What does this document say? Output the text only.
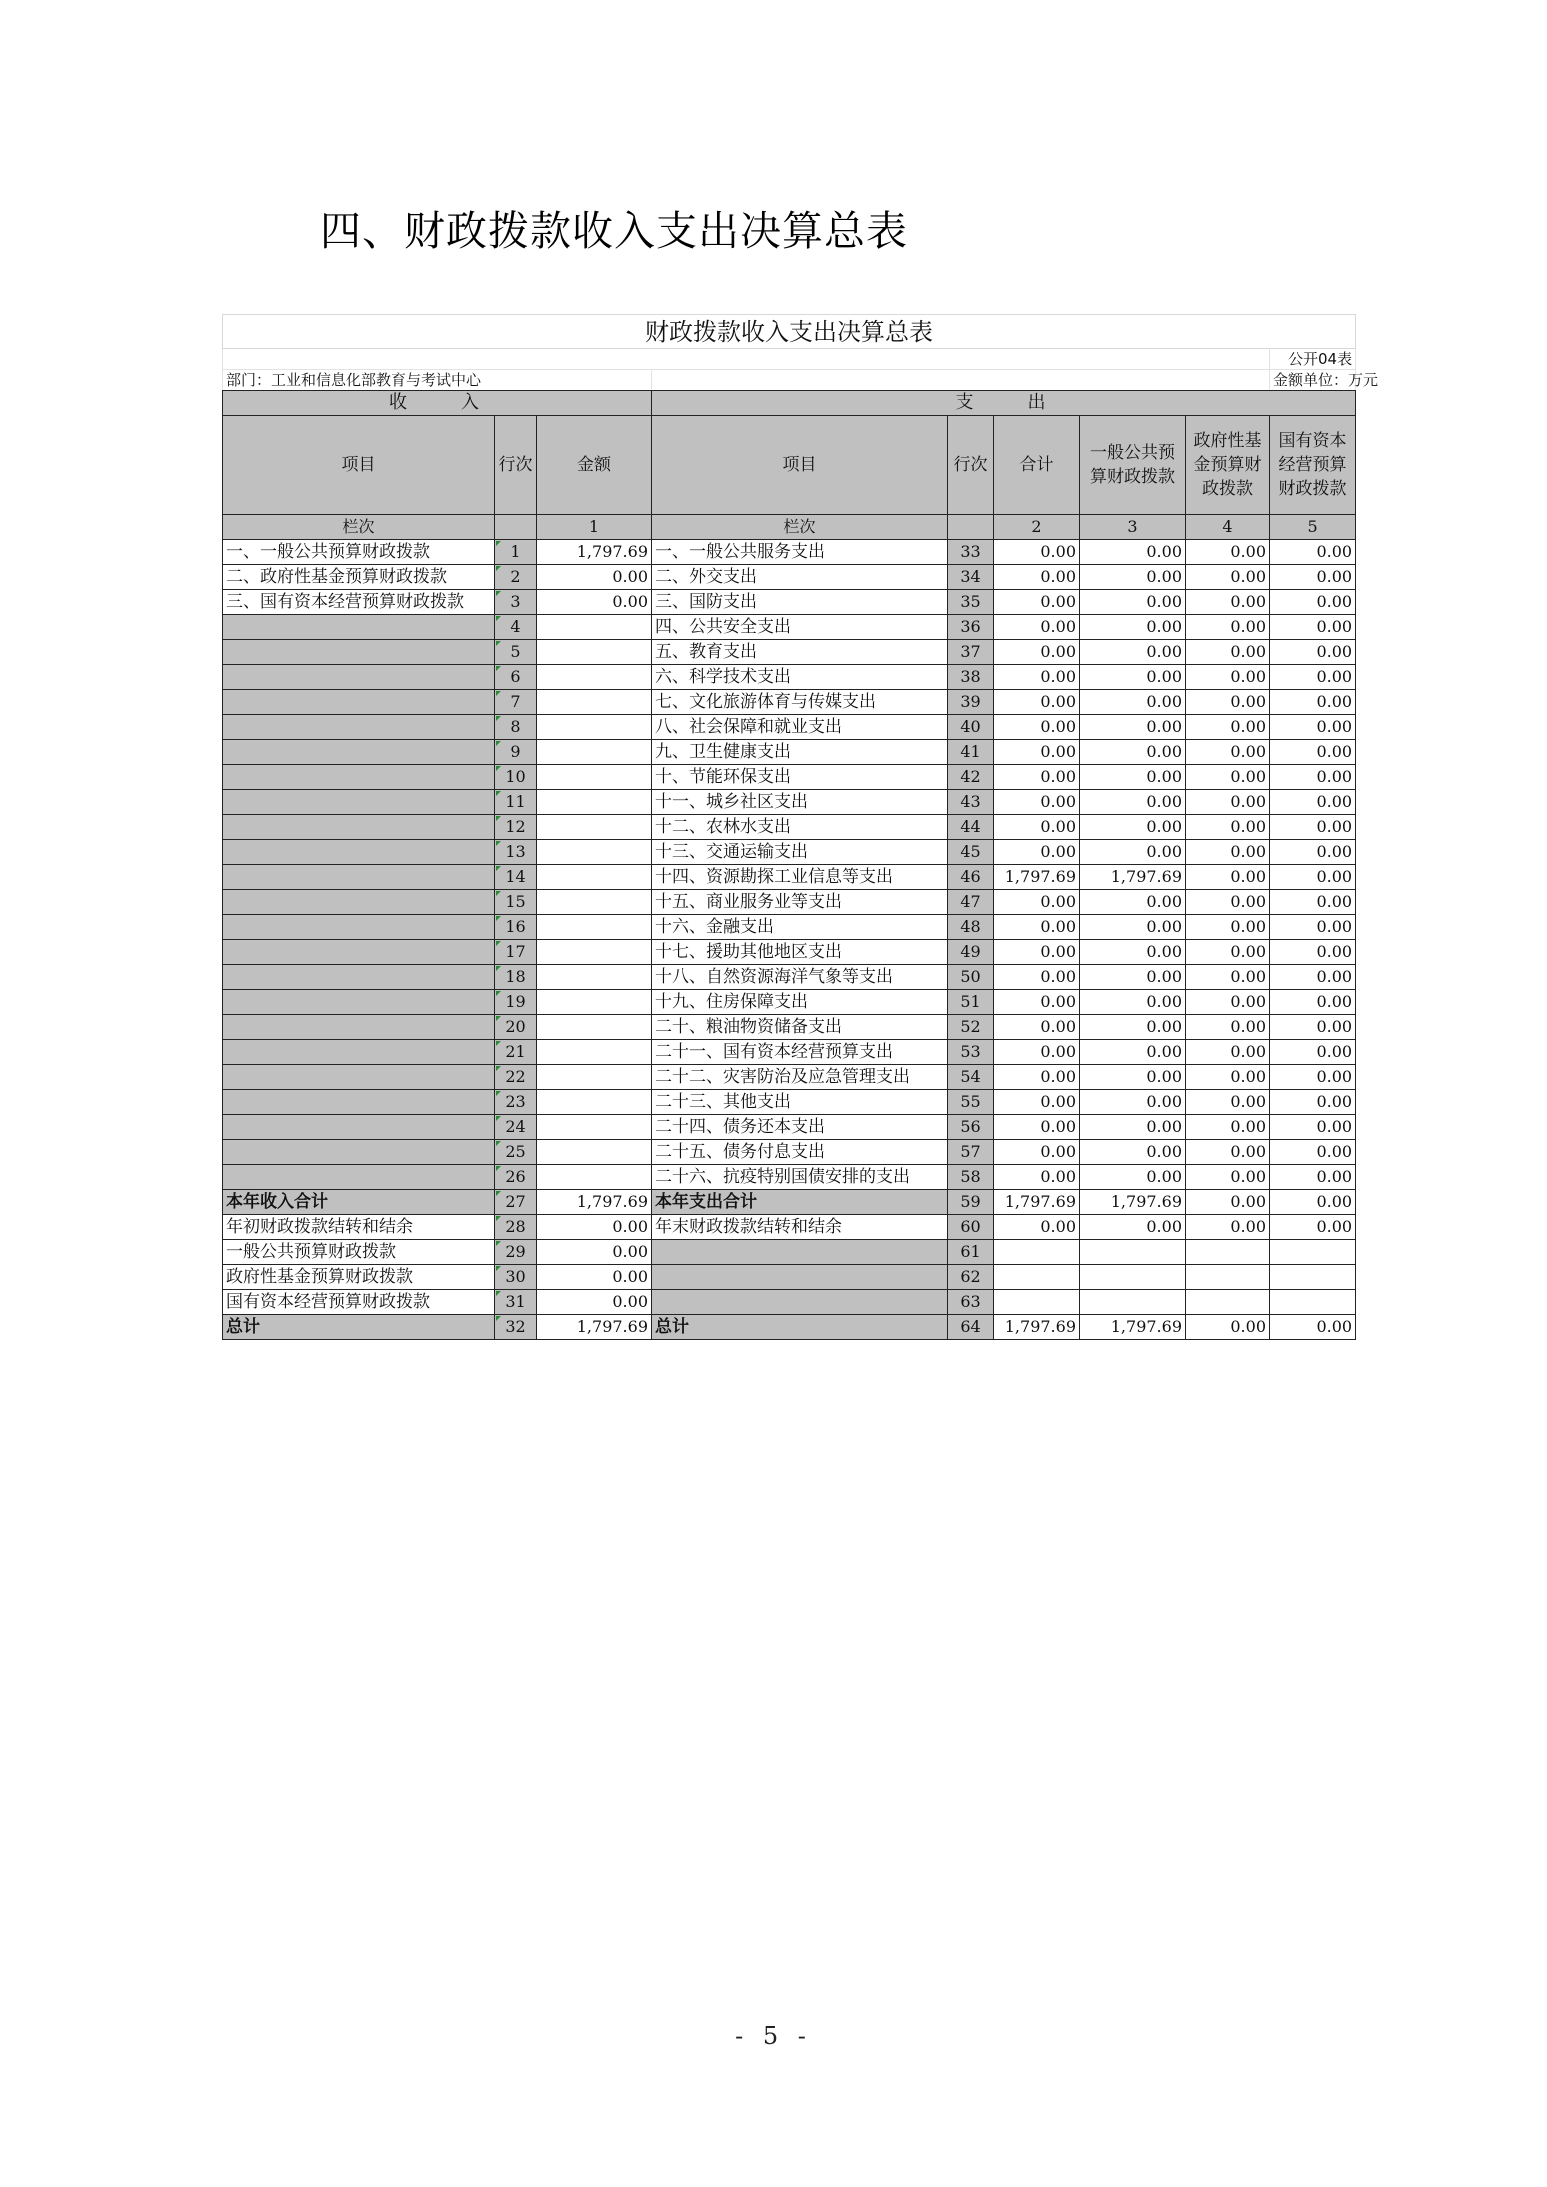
四、财政拨款收入支出决算总表
财政拨款收入支出决算总表								
								公开04表
部门：工业和信息化部教育与考试中心								金额单位：万元
收　　入			支　　出					
项目	行次	金额	项目	行次	合计	一般公共预算财政拨款	政府性基金预算财政拨款	国有资本经营预算财政拨款
栏次		1	栏次		2	3	4	5
一、一般公共预算财政拨款	1	1,797.69	一、一般公共服务支出	33	0.00	0.00	0.00	0.00
二、政府性基金预算财政拨款	2	0.00	二、外交支出	34	0.00	0.00	0.00	0.00
三、国有资本经营预算财政拨款	3	0.00	三、国防支出	35	0.00	0.00	0.00	0.00
	4		四、公共安全支出	36	0.00	0.00	0.00	0.00
	5		五、教育支出	37	0.00	0.00	0.00	0.00
	6		六、科学技术支出	38	0.00	0.00	0.00	0.00
	7		七、文化旅游体育与传媒支出	39	0.00	0.00	0.00	0.00
	8		八、社会保障和就业支出	40	0.00	0.00	0.00	0.00
	9		九、卫生健康支出	41	0.00	0.00	0.00	0.00
	10		十、节能环保支出	42	0.00	0.00	0.00	0.00
	11		十一、城乡社区支出	43	0.00	0.00	0.00	0.00
	12		十二、农林水支出	44	0.00	0.00	0.00	0.00
	13		十三、交通运输支出	45	0.00	0.00	0.00	0.00
	14		十四、资源勘探工业信息等支出	46	1,797.69	1,797.69	0.00	0.00
	15		十五、商业服务业等支出	47	0.00	0.00	0.00	0.00
	16		十六、金融支出	48	0.00	0.00	0.00	0.00
	17		十七、援助其他地区支出	49	0.00	0.00	0.00	0.00
	18		十八、自然资源海洋气象等支出	50	0.00	0.00	0.00	0.00
	19		十九、住房保障支出	51	0.00	0.00	0.00	0.00
	20		二十、粮油物资储备支出	52	0.00	0.00	0.00	0.00
	21		二十一、国有资本经营预算支出	53	0.00	0.00	0.00	0.00
	22		二十二、灾害防治及应急管理支出	54	0.00	0.00	0.00	0.00
	23		二十三、其他支出	55	0.00	0.00	0.00	0.00
	24		二十四、债务还本支出	56	0.00	0.00	0.00	0.00
	25		二十五、债务付息支出	57	0.00	0.00	0.00	0.00
	26		二十六、抗疫特别国债安排的支出	58	0.00	0.00	0.00	0.00
本年收入合计	27	1,797.69	本年支出合计	59	1,797.69	1,797.69	0.00	0.00
年初财政拨款结转和结余	28	0.00	年末财政拨款结转和结余	60	0.00	0.00	0.00	0.00
一般公共预算财政拨款	29	0.00		61				
政府性基金预算财政拨款	30	0.00		62				
国有资本经营预算财政拨款	31	0.00		63				
总计	32	1,797.69	总计	64	1,797.69	1,797.69	0.00	0.00
- 5 -
